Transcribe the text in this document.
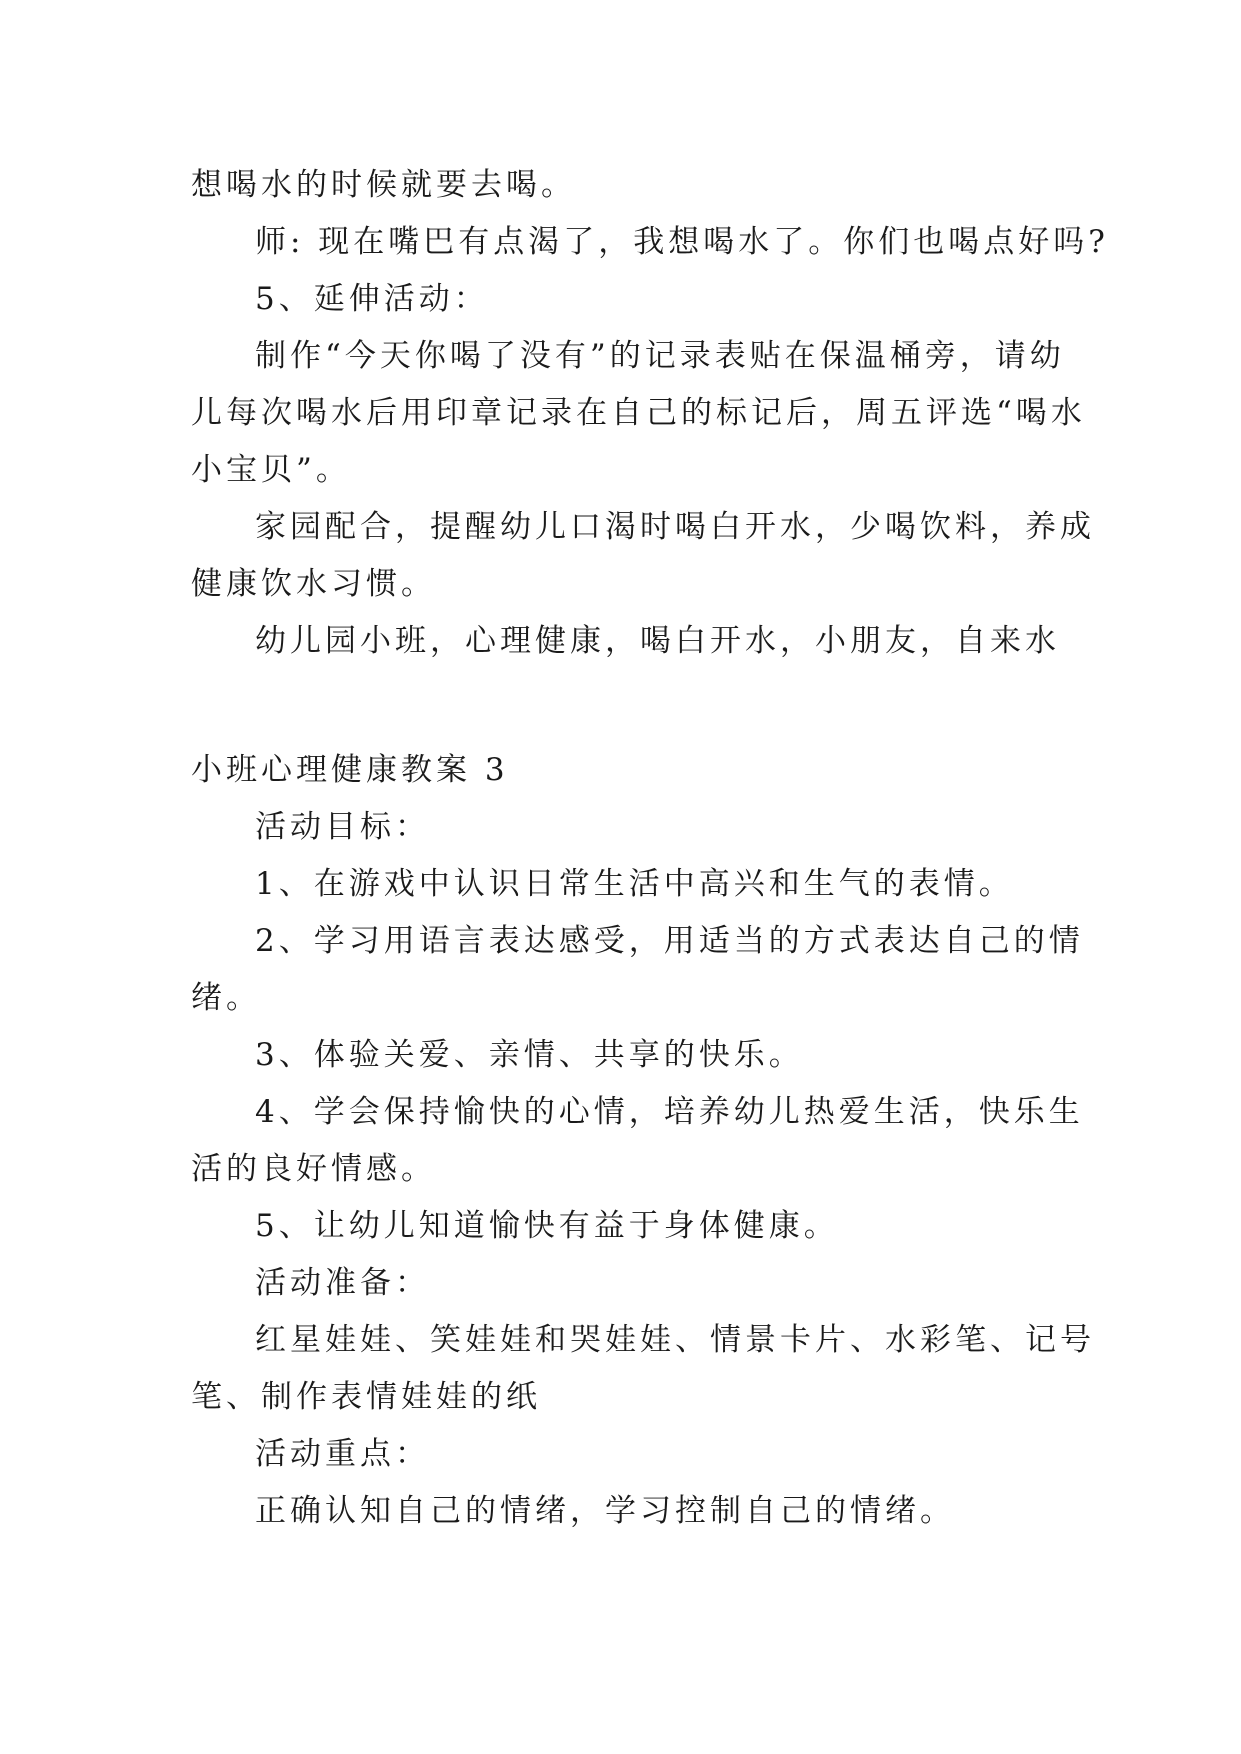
想喝水的时候就要去喝。
师: 现在嘴巴有点渴了，我想喝水了。你们也喝点好吗?
5、延伸活动：
制作“今天你喝了没有”的记录表贴在保温桶旁，请幼
儿每次喝水后用印章记录在自己的标记后，周五评选“喝水
小宝贝”。
家园配合，提醒幼儿口渴时喝白开水，少喝饮料，养成
健康饮水习惯。
幼儿园小班，心理健康，喝白开水，小朋友，自来水
小班心理健康教案 3
活动目标：
1、在游戏中认识日常生活中高兴和生气的表情。
2、学习用语言表达感受，用适当的方式表达自己的情
绪。
3、体验关爱、亲情、共享的快乐。
4、学会保持愉快的心情，培养幼儿热爱生活，快乐生
活的良好情感。
5、让幼儿知道愉快有益于身体健康。
活动准备：
红星娃娃、笑娃娃和哭娃娃、情景卡片、水彩笔、记号
笔、制作表情娃娃的纸
活动重点：
正确认知自己的情绪，学习控制自己的情绪。
